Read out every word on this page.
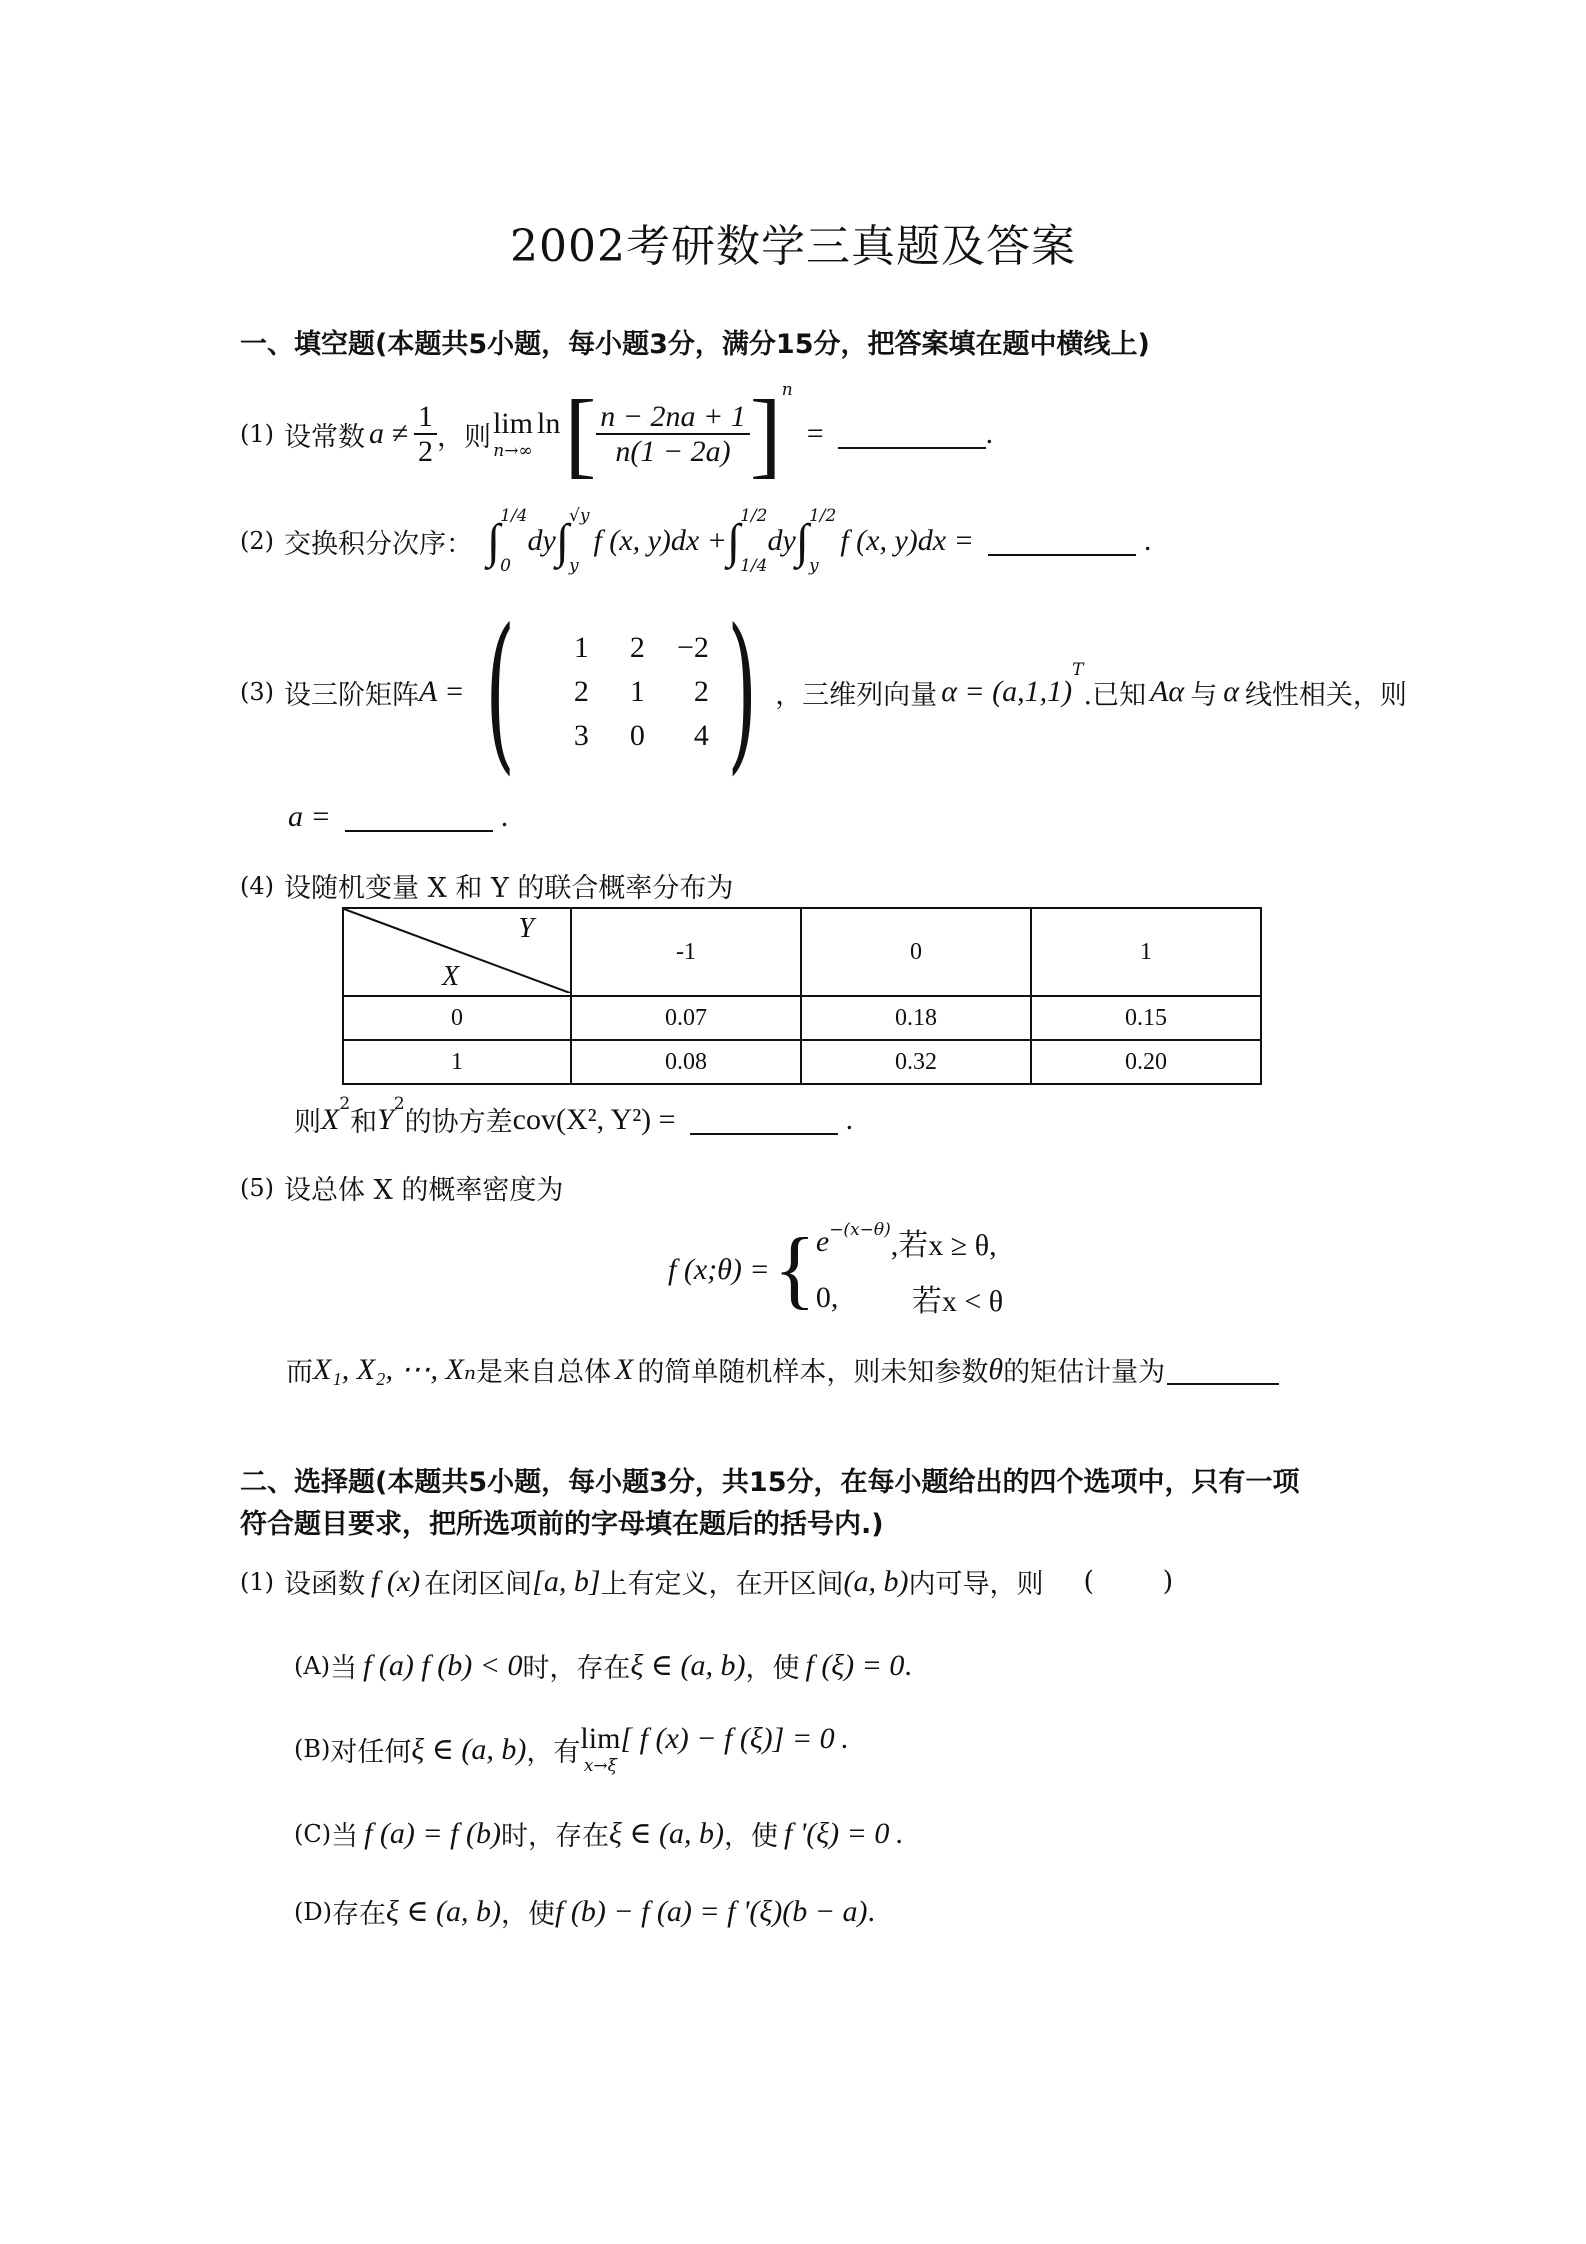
2002考研数学三真题及答案
一、填空题(本题共5小题，每小题3分，满分15分，把答案填在题中横线上)
(1) 设常数 $a \ne \frac{1}{2}$ ，则 lim
n→∞
ln [ $\frac{n - 2na + 1}{n(1 - 2a)}$ ] n
=	.
(2) 交换积分次序： ∫ 1/4
0
dy ∫ √y
y
f (x, y)dx + ∫ 1/2
1/4
dy ∫ 1/2
y
f (x, y)dx =	.
(3) 设三阶矩阵 A = (	1	2	−2
2	1	2
3	0	4 ) ，三维列向量 α = (a,1,1)
T
.已知 Aα 与 α 线性相关，则
a =	.
(4) 设随机变量 X 和 Y 的联合概率分布为
Y
X	-1	0	1
0	0.07	0.18	0.15
1	0.08	0.32	0.20
则 X 2
和 Y 2
的协方差 cov(X², Y²) =	.
(5) 设总体 X 的概率密度为
f (x;θ) = { e −(x−θ) ,若x ≥ θ,
0,	若x < θ
而 X₁, X₂, ⋯, Xₙ 是来自总体 X 的简单随机样本，则未知参数 θ 的矩估计量为
二、选择题(本题共5小题，每小题3分，共15分，在每小题给出的四个选项中，只有一项
符合题目要求，把所选项前的字母填在题后的括号内.)
(1) 设函数 f (x) 在闭区间 [a, b] 上有定义，在开区间 (a, b) 内可导，则 (        )
(A) 当 f (a) f (b) < 0 时，存在 ξ ∈ (a, b) ，使 f (ξ) = 0 .
(B) 对任何 ξ ∈ (a, b) ，有 lim
x→ξ
[ f (x) − f (ξ)] = 0 .
(C) 当 f (a) = f (b) 时，存在 ξ ∈ (a, b) ，使 f '(ξ) = 0 .
(D) 存在 ξ ∈ (a, b) ，使 f (b) − f (a) = f '(ξ)(b − a) .
